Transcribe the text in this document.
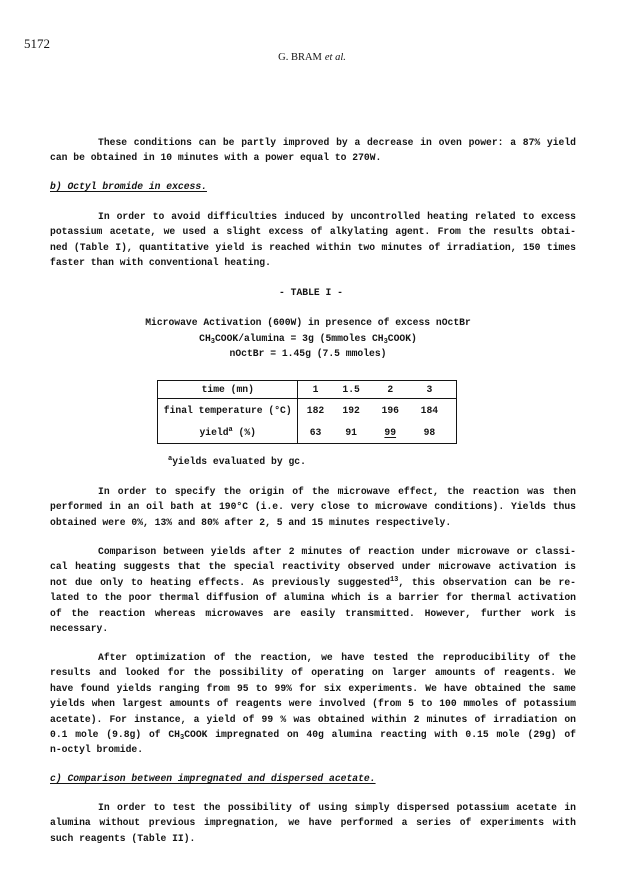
5172
G. BRAM et al.
These conditions can be partly improved by a decrease in oven power: a 87% yield
can be obtained in 10 minutes with a power equal to 270W.
b) Octyl bromide in excess.
In order to avoid difficulties induced by uncontrolled heating related to excess
potassium acetate, we used a slight excess of alkylating agent. From the results obtai-
ned (Table I), quantitative yield is reached within two minutes of irradiation, 150 times
faster than with conventional heating.
- TABLE I -
Microwave Activation (600W) in presence of excess nOctBr
$CH_3COOK$/alumina = 3g (5mmoles $CH_3COOK$)
nOctBr = 1.45g (7.5 mmoles)
time (mn)	1	1.5	2	3
final temperature (°C)	182	192	196	184
yield$^a$ (%)	63	91	99	98
$^a$yields evaluated by gc.
In order to specify the origin of the microwave effect, the reaction was then
performed in an oil bath at 190°C (i.e. very close to microwave conditions). Yields thus
obtained were 0%, 13% and 80% after 2, 5 and 15 minutes respectively.
Comparison between yields after 2 minutes of reaction under microwave or classi-
cal heating suggests that the special reactivity observed under microwave activation is
not due only to heating effects. As previously suggested$^{13}$, this observation can be re-
lated to the poor thermal diffusion of alumina which is a barrier for thermal activation
of the reaction whereas microwaves are easily transmitted. However, further work is
necessary.
After optimization of the reaction, we have tested the reproducibility of the
results and looked for the possibility of operating on larger amounts of reagents. We
have found yields ranging from 95 to 99% for six experiments. We have obtained the same
yields when largest amounts of reagents were involved (from 5 to 100 mmoles of potassium
acetate). For instance, a yield of 99 % was obtained within 2 minutes of irradiation on
0.1 mole (9.8g) of $CH_3COOK$ impregnated on 40g alumina reacting with 0.15 mole (29g) of
n-octyl bromide.
c) Comparison between impregnated and dispersed acetate.
In order to test the possibility of using simply dispersed potassium acetate in
alumina without previous impregnation, we have performed a series of experiments with
such reagents (Table II).
